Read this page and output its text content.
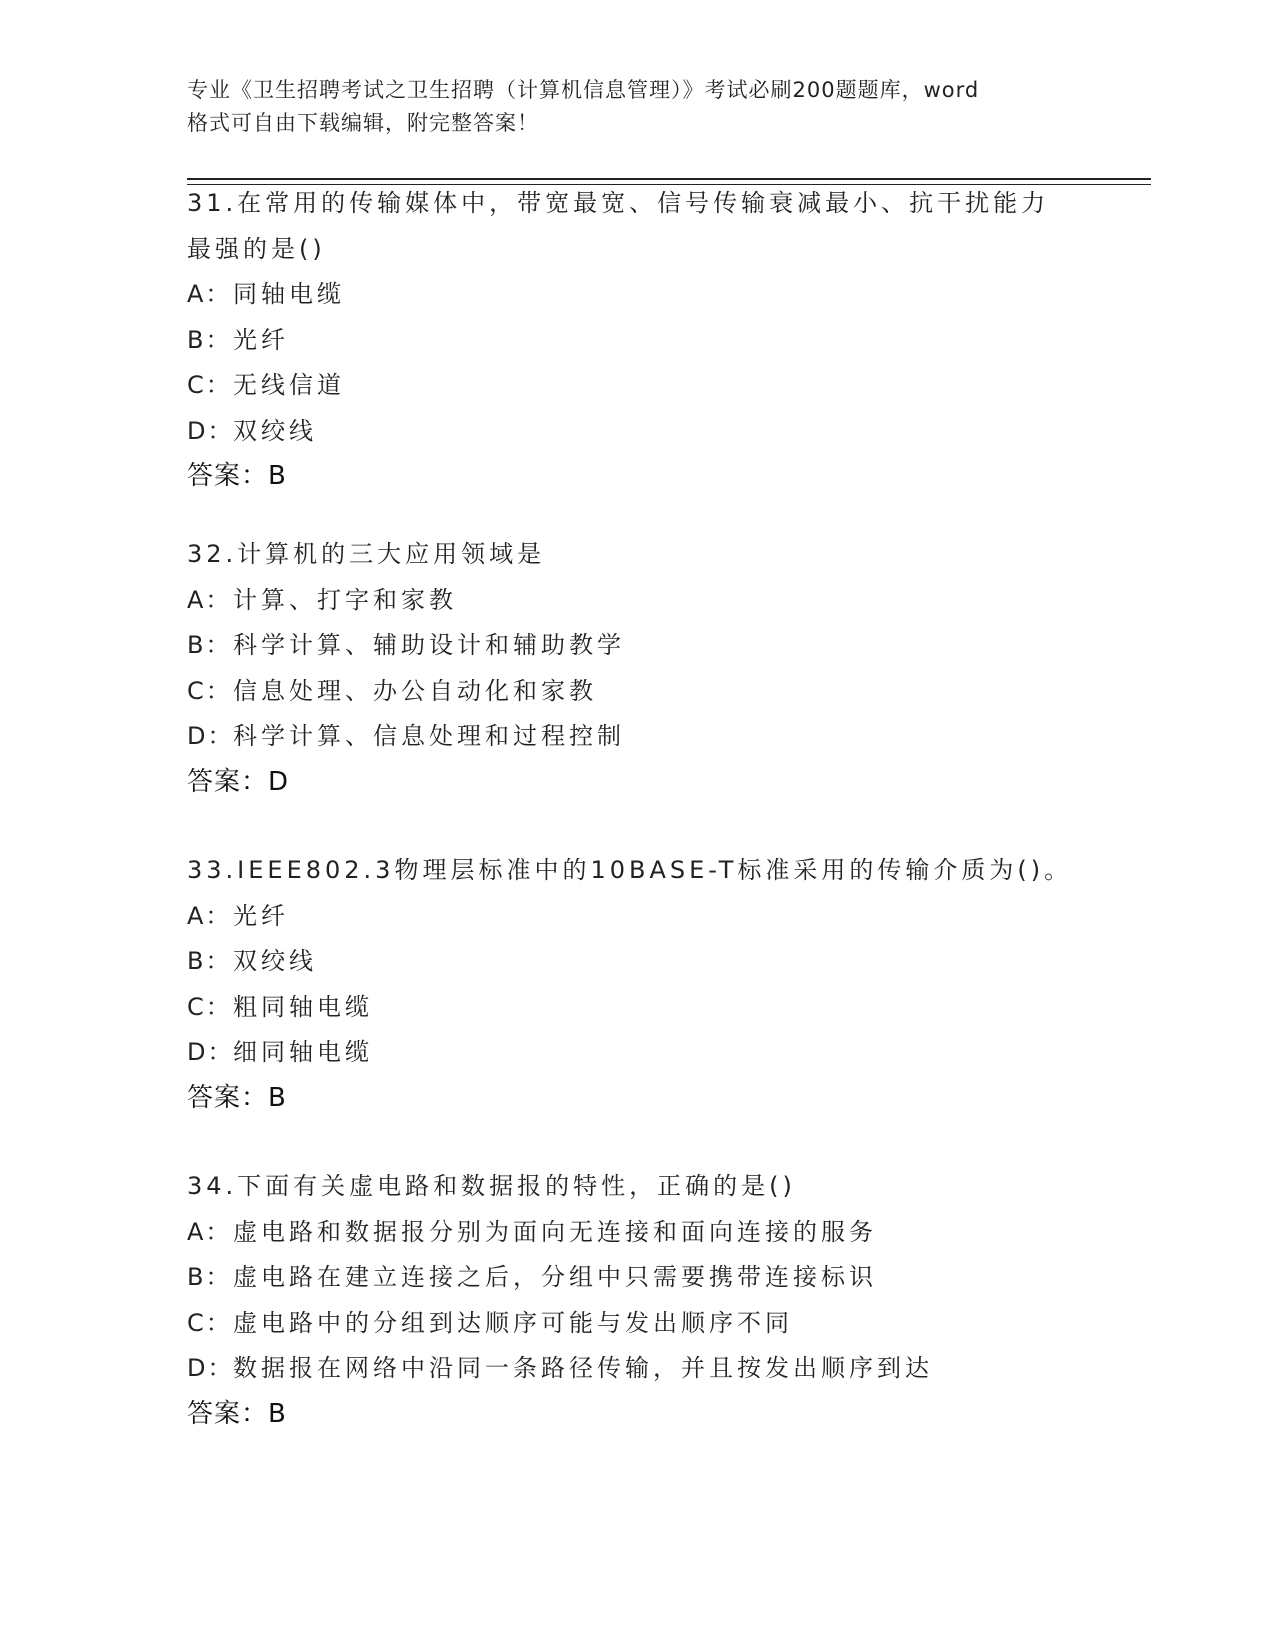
专业《卫生招聘考试之卫生招聘（计算机信息管理）》考试必刷200题题库，word
格式可自由下载编辑，附完整答案！
31.在常用的传输媒体中，带宽最宽、信号传输衰减最小、抗干扰能力
最强的是()
A：同轴电缆
B：光纤
C：无线信道
D：双绞线
答案：B
32.计算机的三大应用领域是
A：计算、打字和家教
B：科学计算、辅助设计和辅助教学
C：信息处理、办公自动化和家教
D：科学计算、信息处理和过程控制
答案：D
33.IEEE802.3物理层标准中的10BASE-T标准采用的传输介质为()。
A：光纤
B：双绞线
C：粗同轴电缆
D：细同轴电缆
答案：B
34.下面有关虚电路和数据报的特性，正确的是()
A：虚电路和数据报分别为面向无连接和面向连接的服务
B：虚电路在建立连接之后，分组中只需要携带连接标识
C：虚电路中的分组到达顺序可能与发出顺序不同
D：数据报在网络中沿同一条路径传输，并且按发出顺序到达
答案：B
